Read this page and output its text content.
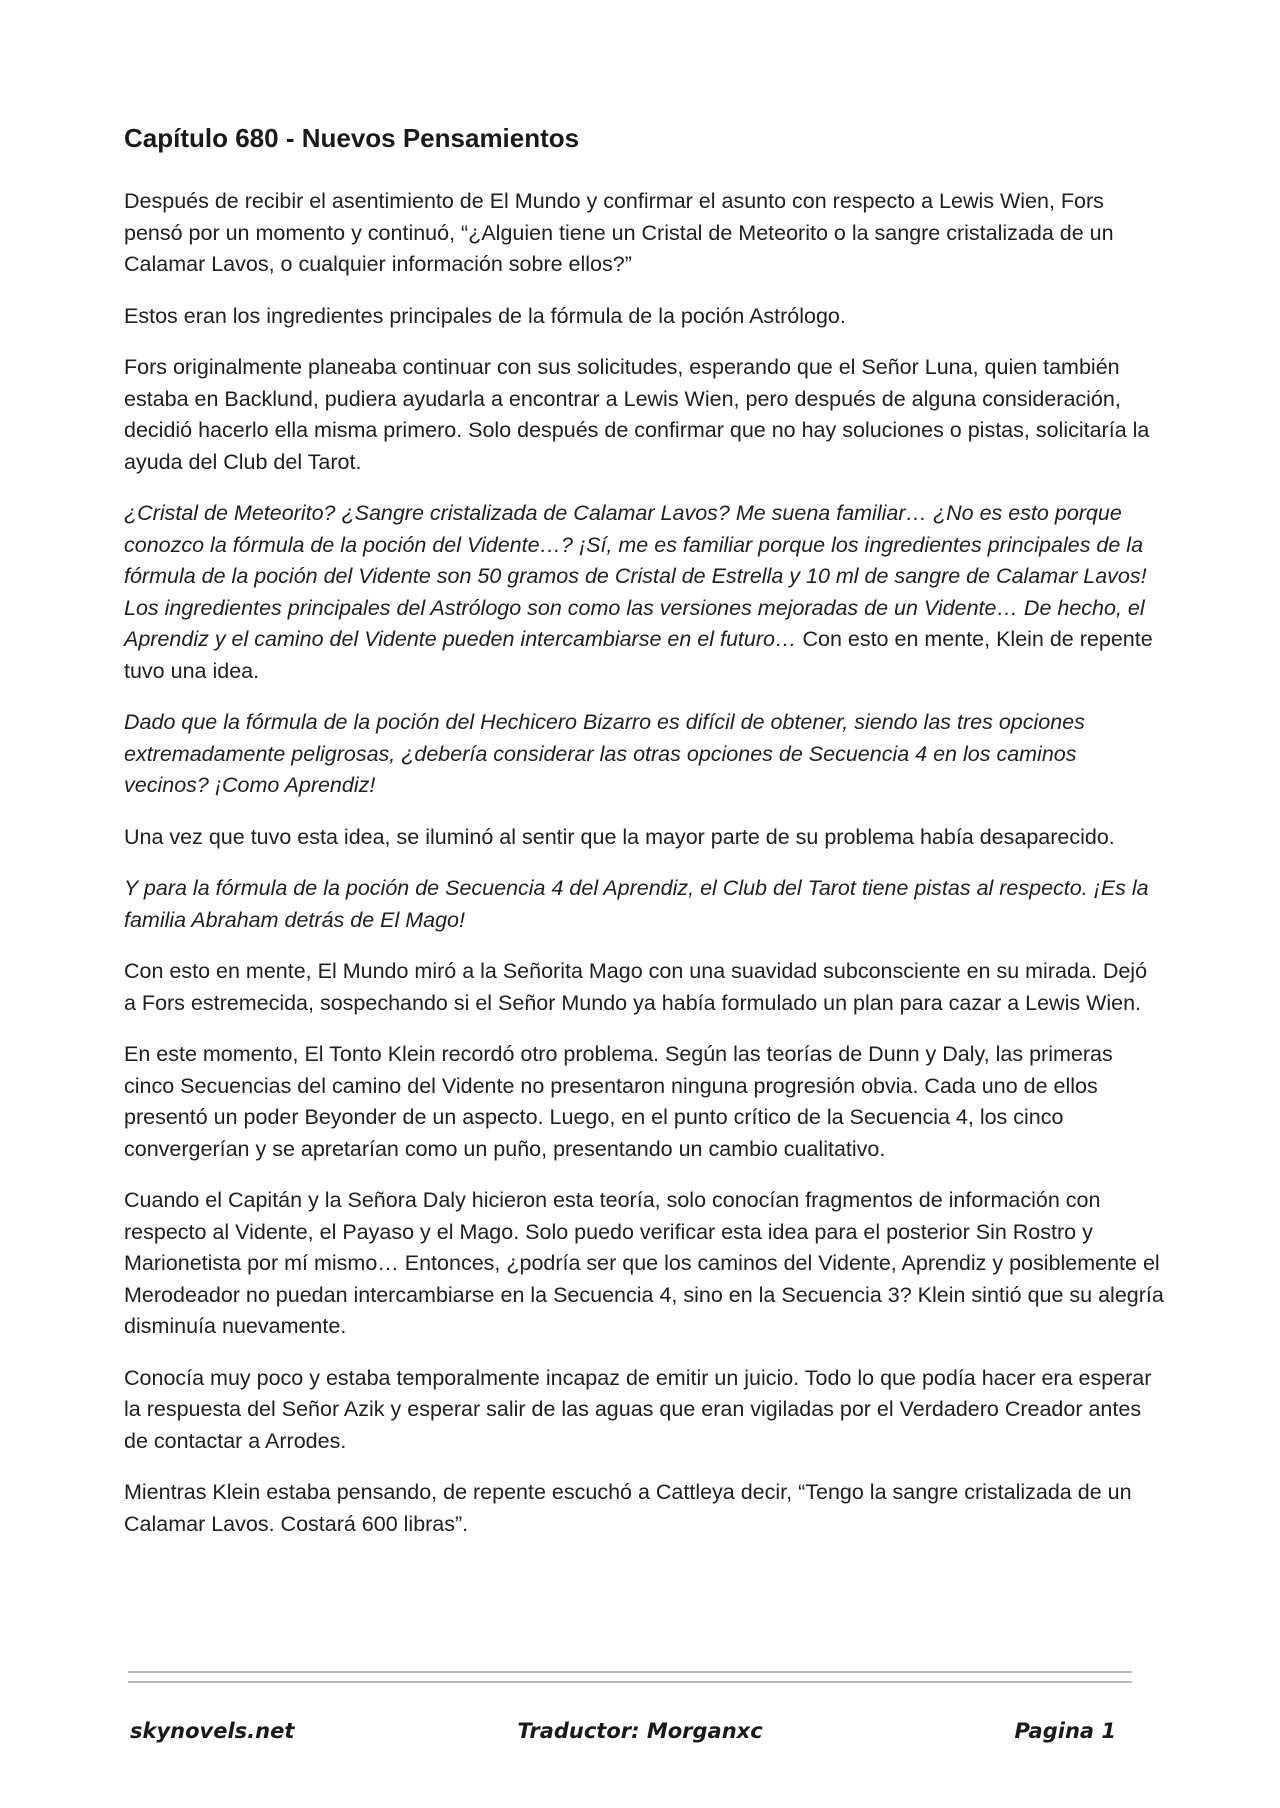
Capítulo 680 - Nuevos Pensamientos

Después de recibir el asentimiento de El Mundo y confirmar el asunto con respecto a Lewis Wien, Fors pensó por un momento y continuó, “¿Alguien tiene un Cristal de Meteorito o la sangre cristalizada de un Calamar Lavos, o cualquier información sobre ellos?”

Estos eran los ingredientes principales de la fórmula de la poción Astrólogo.

Fors originalmente planeaba continuar con sus solicitudes, esperando que el Señor Luna, quien también estaba en Backlund, pudiera ayudarla a encontrar a Lewis Wien, pero después de alguna consideración, decidió hacerlo ella misma primero. Solo después de confirmar que no hay soluciones o pistas, solicitaría la ayuda del Club del Tarot.

¿Cristal de Meteorito? ¿Sangre cristalizada de Calamar Lavos? Me suena familiar… ¿No es esto porque conozco la fórmula de la poción del Vidente…? ¡Sí, me es familiar porque los ingredientes principales de la fórmula de la poción del Vidente son 50 gramos de Cristal de Estrella y 10 ml de sangre de Calamar Lavos! Los ingredientes principales del Astrólogo son como las versiones mejoradas de un Vidente… De hecho, el Aprendiz y el camino del Vidente pueden intercambiarse en el futuro… Con esto en mente, Klein de repente tuvo una idea.

Dado que la fórmula de la poción del Hechicero Bizarro es difícil de obtener, siendo las tres opciones extremadamente peligrosas, ¿debería considerar las otras opciones de Secuencia 4 en los caminos vecinos? ¡Como Aprendiz!

Una vez que tuvo esta idea, se iluminó al sentir que la mayor parte de su problema había desaparecido.

Y para la fórmula de la poción de Secuencia 4 del Aprendiz, el Club del Tarot tiene pistas al respecto. ¡Es la familia Abraham detrás de El Mago!

Con esto en mente, El Mundo miró a la Señorita Mago con una suavidad subconsciente en su mirada. Dejó a Fors estremecida, sospechando si el Señor Mundo ya había formulado un plan para cazar a Lewis Wien.

En este momento, El Tonto Klein recordó otro problema. Según las teorías de Dunn y Daly, las primeras cinco Secuencias del camino del Vidente no presentaron ninguna progresión obvia. Cada uno de ellos presentó un poder Beyonder de un aspecto. Luego, en el punto crítico de la Secuencia 4, los cinco convergerían y se apretarían como un puño, presentando un cambio cualitativo.

Cuando el Capitán y la Señora Daly hicieron esta teoría, solo conocían fragmentos de información con respecto al Vidente, el Payaso y el Mago. Solo puedo verificar esta idea para el posterior Sin Rostro y Marionetista por mí mismo… Entonces, ¿podría ser que los caminos del Vidente, Aprendiz y posiblemente el Merodeador no puedan intercambiarse en la Secuencia 4, sino en la Secuencia 3? Klein sintió que su alegría disminuía nuevamente.

Conocía muy poco y estaba temporalmente incapaz de emitir un juicio. Todo lo que podía hacer era esperar la respuesta del Señor Azik y esperar salir de las aguas que eran vigiladas por el Verdadero Creador antes de contactar a Arrodes.

Mientras Klein estaba pensando, de repente escuchó a Cattleya decir, “Tengo la sangre cristalizada de un Calamar Lavos. Costará 600 libras”.

skynovels.net	Traductor: Morganxc	Pagina 1
